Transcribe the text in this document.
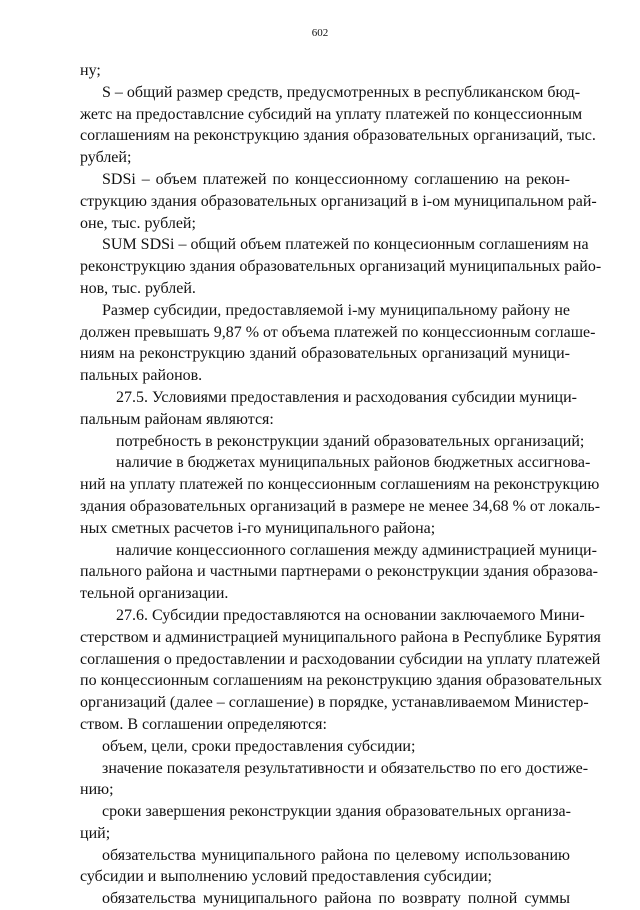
602
ну;
S – общий размер средств, предусмотренных в республиканском бюд-
жетс на предоставлсние субсидий на уплату платежей по концессионным
соглашениям на реконструкцию здания образовательных организаций, тыс.
рублей;
SDSi – объем платежей по концессионному соглашению на рекон-
струкцию здания образовательных организаций в i-ом муниципальном рай-
оне, тыс. рублей;
SUM SDSi – общий объем платежей по концесионным соглашениям на
реконструкцию здания образовательных организаций муниципальных райо-
нов, тыс. рублей.
Размер субсидии, предоставляемой i-му муниципальному району не
должен превышать 9,87 % от объема платежей по концессионным соглаше-
ниям на реконструкцию зданий образовательных организаций муници-
пальных районов.
27.5. Условиями предоставления и расходования субсидии муници-
пальным районам являются:
потребность в реконструкции зданий образовательных организаций;
наличие в бюджетах муниципальных районов бюджетных ассигнова-
ний на уплату платежей по концессионным соглашениям на реконструкцию
здания образовательных организаций в размере не менее 34,68 % от локаль-
ных сметных расчетов i-го муниципального района;
наличие концессионного соглашения между администрацией муници-
пального района и частными партнерами о реконструкции здания образова-
тельной организации.
27.6. Субсидии предоставляются на основании заключаемого Мини-
стерством и администрацией муниципального района в Республике Бурятия
соглашения о предоставлении и расходовании субсидии на уплату платежей
по концессионным соглашениям на реконструкцию здания образовательных
организаций (далее – соглашение) в порядке, устанавливаемом Министер-
ством. В соглашении определяются:
объем, цели, сроки предоставления субсидии;
значение показателя результативности и обязательство по его достиже-
нию;
сроки завершения реконструкции здания образовательных организа-
ций;
обязательства муниципального района по целевому использованию
субсидии и выполнению условий предоставления субсидии;
обязательства муниципального района по возврату полной суммы
